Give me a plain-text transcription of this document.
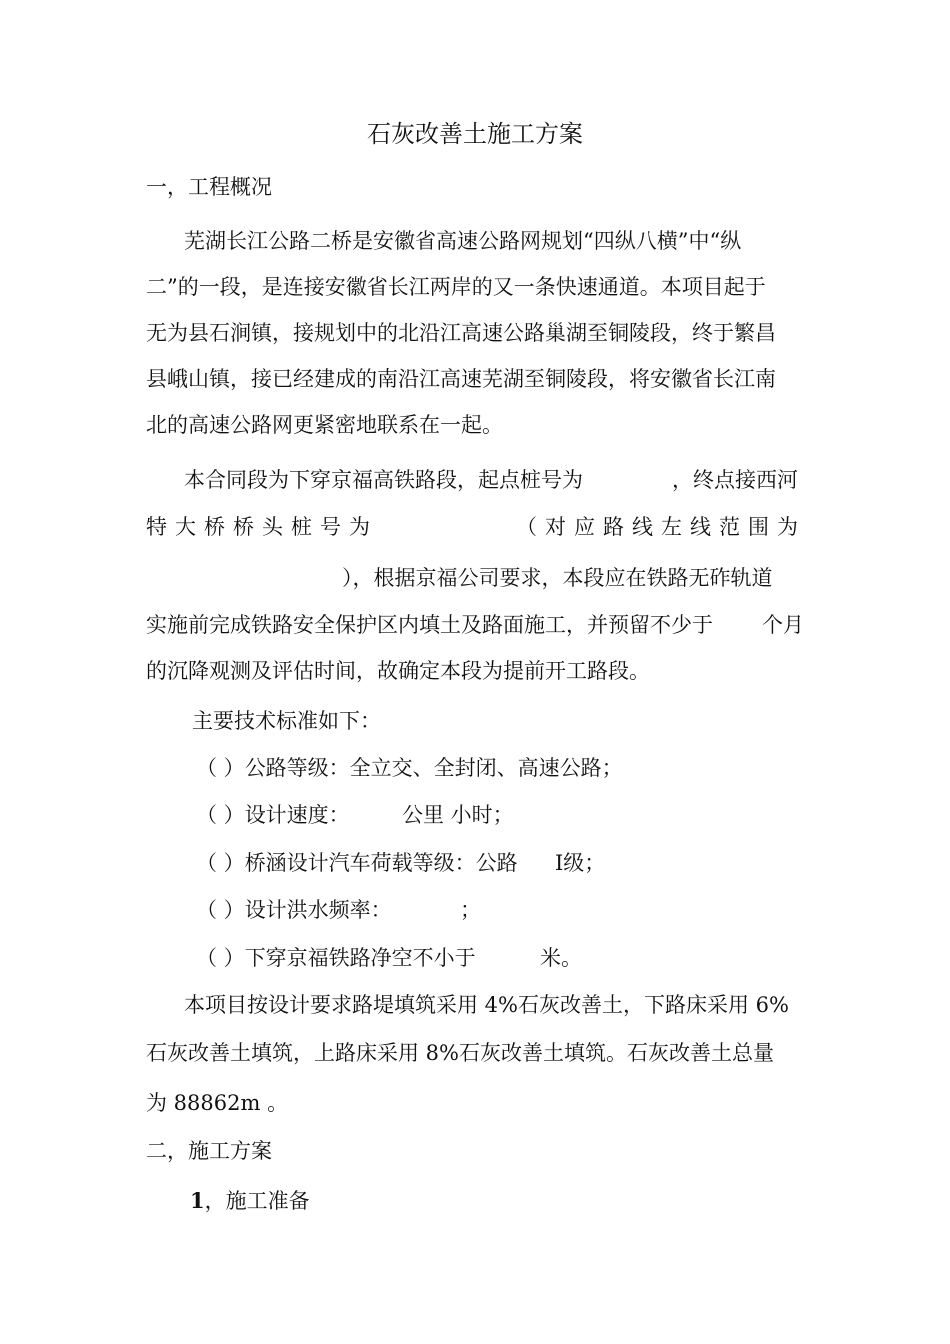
石灰改善土施工方案
一，工程概况
芜湖长江公路二桥是安徽省高速公路网规划“四纵八横”中“纵
二”的一段，是连接安徽省长江两岸的又一条快速通道。本项目起于
无为县石涧镇，接规划中的北沿江高速公路巢湖至铜陵段，终于繁昌
县峨山镇，接已经建成的南沿江高速芜湖至铜陵段，将安徽省长江南
北的高速公路网更紧密地联系在一起。
本合同段为下穿京福高铁路段，起点桩号为	，终点接西河
特大桥桥头桩号为	（对应路线左线范围为
），根据京福公司要求，本段应在铁路无砟轨道
实施前完成铁路安全保护区内填土及路面施工，并预留不少于 个月
的沉降观测及评估时间，故确定本段为提前开工路段。
主要技术标准如下：
（ ）公路等级：全立交、全封闭、高速公路；
（ ）设计速度： 公里 小时；
（ ）桥涵设计汽车荷载等级：公路 Ⅰ级；
（ ）设计洪水频率：	；
（ ）下穿京福铁路净空不小于	米。
本项目按设计要求路堤填筑采用 4%石灰改善土，下路床采用 6%
石灰改善土填筑，上路床采用 8%石灰改善土填筑。石灰改善土总量
为 88862m 。
二，施工方案
1，施工准备
